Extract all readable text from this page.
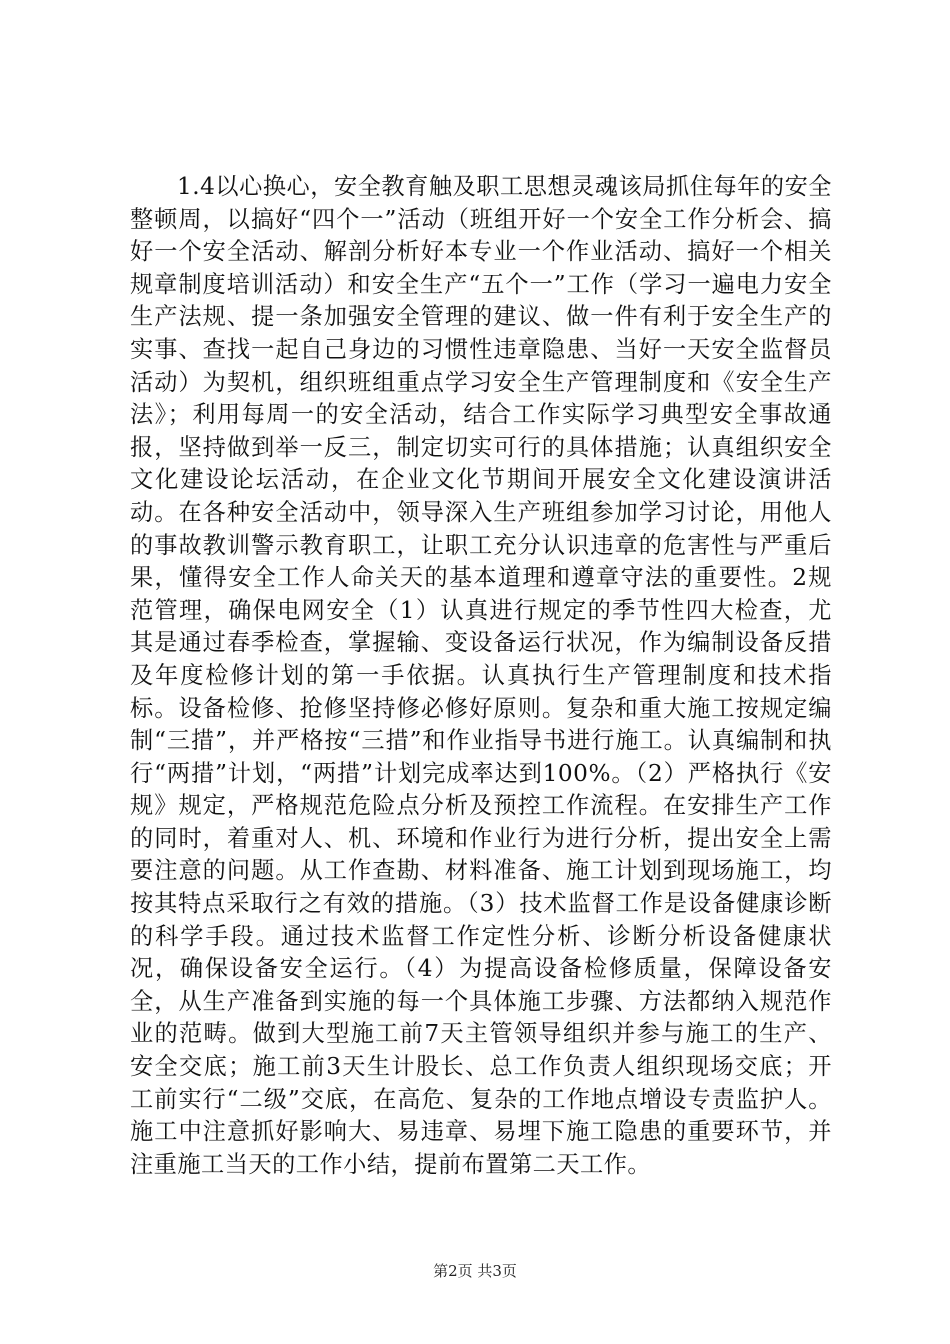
1.4以心换心，安全教育触及职工思想灵魂该局抓住每年的安全整顿周，以搞好“四个一”活动（班组开好一个安全工作分析会、搞好一个安全活动、解剖分析好本专业一个作业活动、搞好一个相关规章制度培训活动）和安全生产“五个一”工作（学习一遍电力安全生产法规、提一条加强安全管理的建议、做一件有利于安全生产的实事、查找一起自己身边的习惯性违章隐患、当好一天安全监督员活动）为契机，组织班组重点学习安全生产管理制度和《安全生产法》；利用每周一的安全活动，结合工作实际学习典型安全事故通报，坚持做到举一反三，制定切实可行的具体措施；认真组织安全文化建设论坛活动，在企业文化节期间开展安全文化建设演讲活动。在各种安全活动中，领导深入生产班组参加学习讨论，用他人的事故教训警示教育职工，让职工充分认识违章的危害性与严重后果，懂得安全工作人命关天的基本道理和遵章守法的重要性。2规范管理，确保电网安全（1）认真进行规定的季节性四大检查，尤其是通过春季检查，掌握输、变设备运行状况，作为编制设备反措及年度检修计划的第一手依据。认真执行生产管理制度和技术指标。设备检修、抢修坚持修必修好原则。复杂和重大施工按规定编制“三措”，并严格按“三措”和作业指导书进行施工。认真编制和执行“两措”计划，“两措”计划完成率达到100%。（2）严格执行《安规》规定，严格规范危险点分析及预控工作流程。在安排生产工作的同时，着重对人、机、环境和作业行为进行分析，提出安全上需要注意的问题。从工作查勘、材料准备、施工计划到现场施工，均按其特点采取行之有效的措施。（3）技术监督工作是设备健康诊断的科学手段。通过技术监督工作定性分析、诊断分析设备健康状况，确保设备安全运行。（4）为提高设备检修质量，保障设备安全，从生产准备到实施的每一个具体施工步骤、方法都纳入规范作业的范畴。做到大型施工前7天主管领导组织并参与施工的生产、安全交底；施工前3天生计股长、总工作负责人组织现场交底；开工前实行“二级”交底，在高危、复杂的工作地点增设专责监护人。施工中注意抓好影响大、易违章、易埋下施工隐患的重要环节，并注重施工当天的工作小结，提前布置第二天工作。

第2页 共3页
